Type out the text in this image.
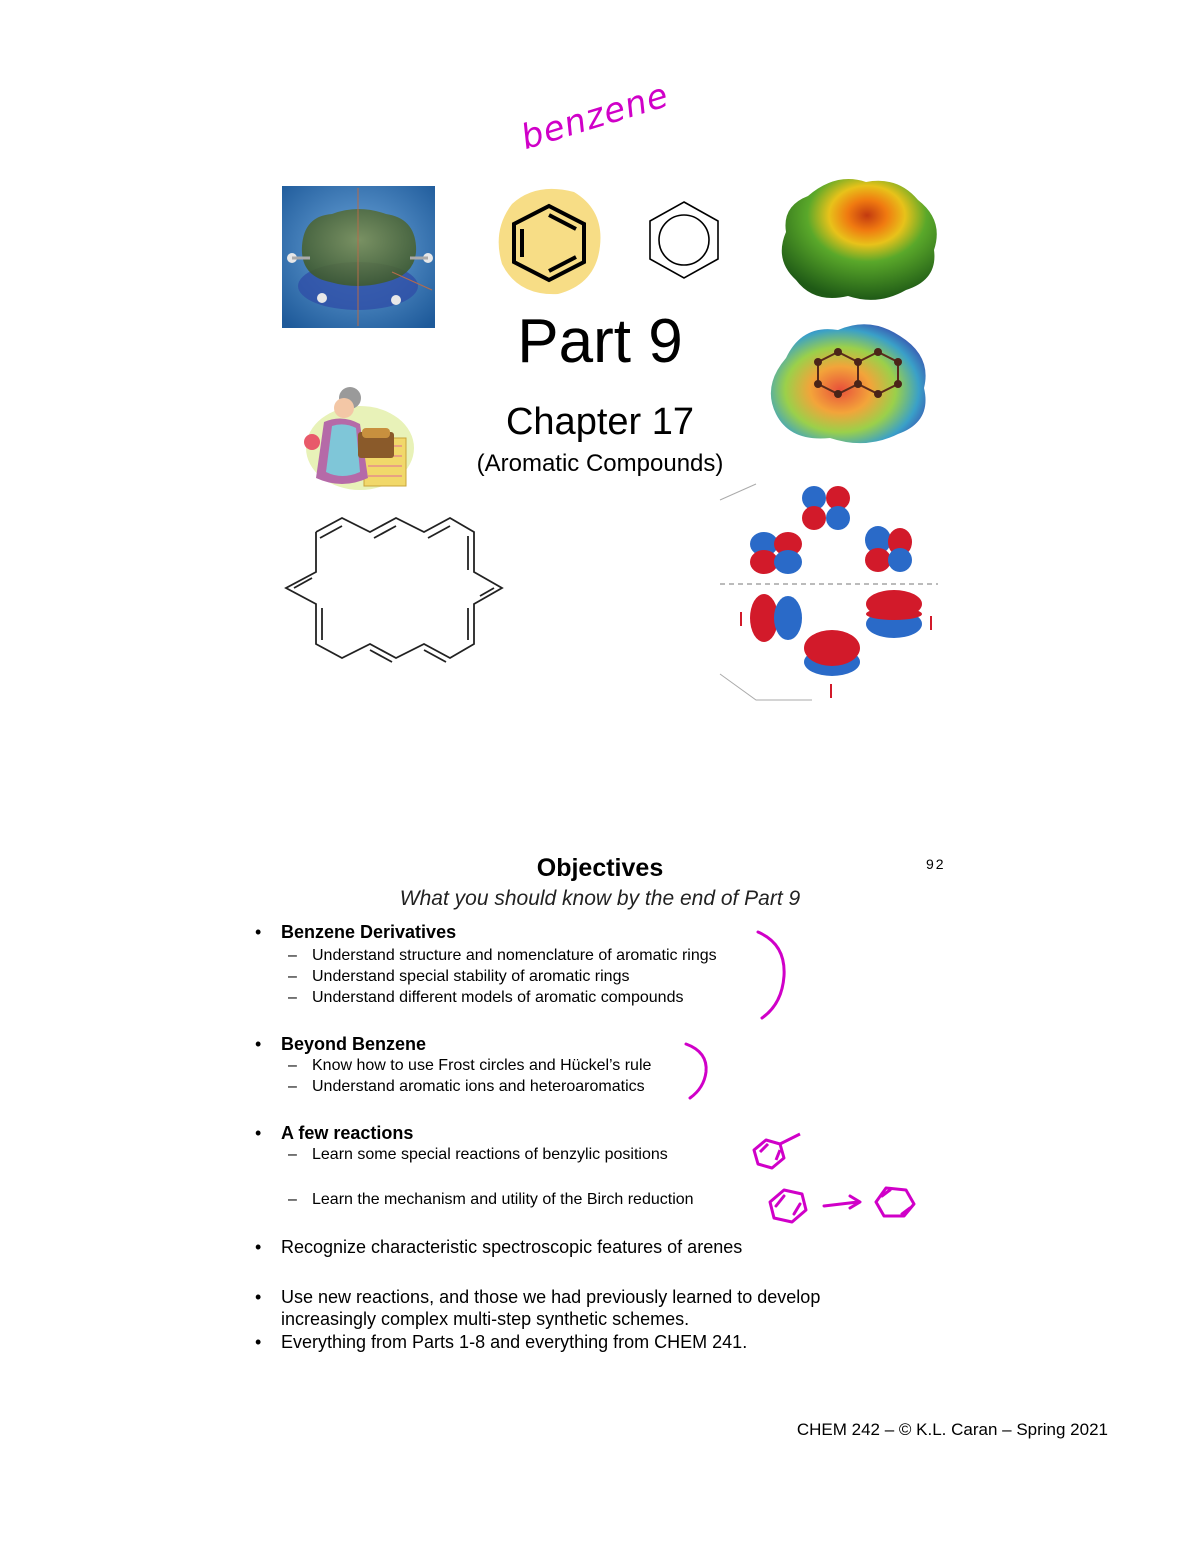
benzene
Part 9
Chapter 17
(Aromatic Compounds)
92
Objectives
What you should know by the end of Part 9
• Benzene Derivatives
– Understand structure and nomenclature of aromatic rings
– Understand special stability of aromatic rings
– Understand different models of aromatic compounds
• Beyond Benzene
– Know how to use Frost circles and Hückel’s rule
– Understand aromatic ions and heteroaromatics
• A few reactions
– Learn some special reactions of benzylic positions
– Learn the mechanism and utility of the Birch reduction
• Recognize characteristic spectroscopic features of arenes
• Use new reactions, and those we had previously learned to develop
increasingly complex multi-step synthetic schemes.
• Everything from Parts 1-8 and everything from CHEM 241.
CHEM 242 – © K.L. Caran – Spring 2021
